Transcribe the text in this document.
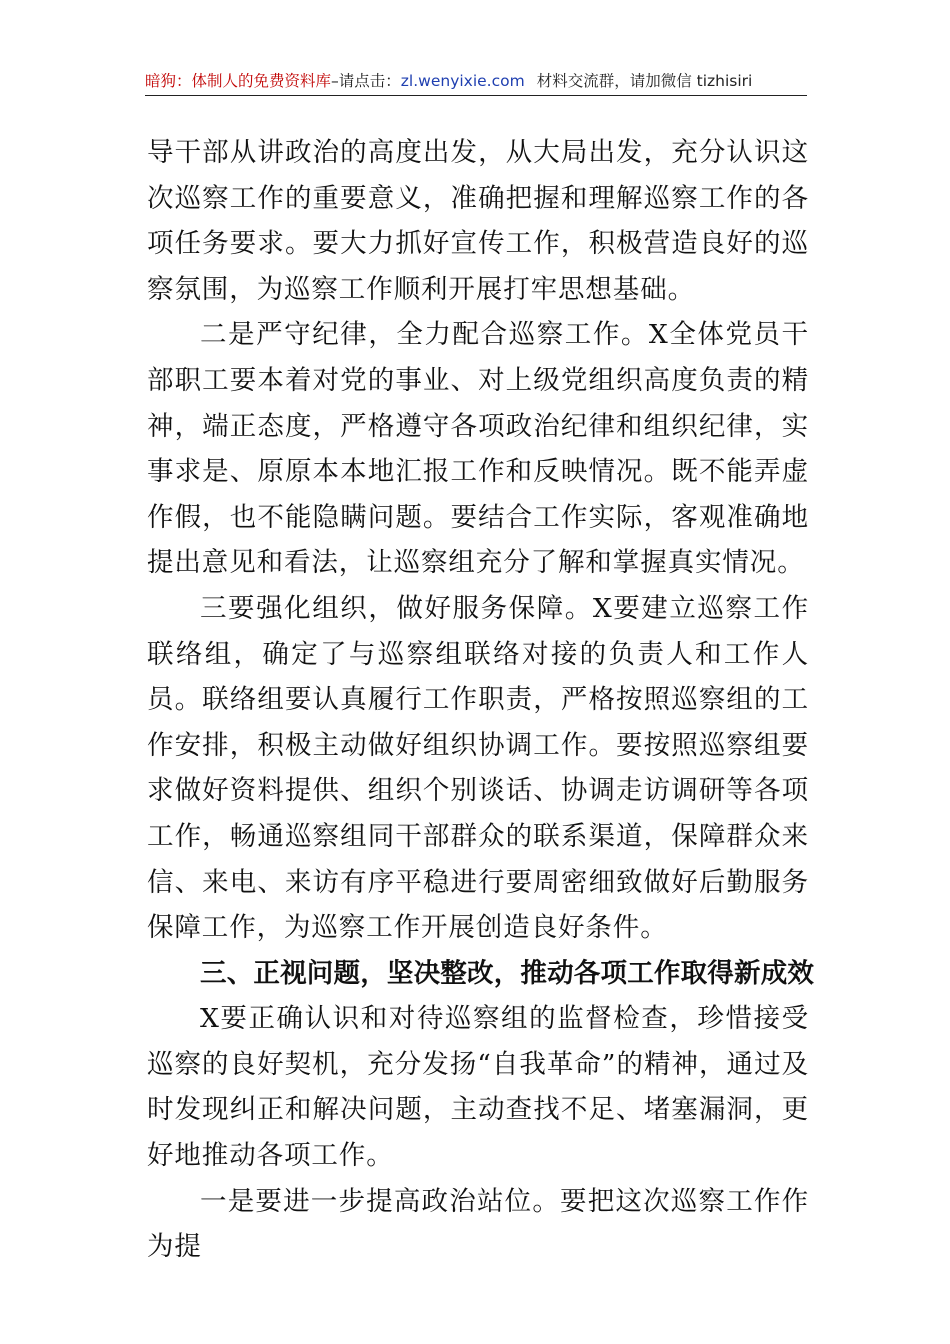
暗狗：体制人的免费资料库–请点击：zl.wenyixie.com 材料交流群，请加微信 tizhisiri

导干部从讲政治的高度出发，从大局出发，充分认识这次巡察工作的重要意义，准确把握和理解巡察工作的各项任务要求。要大力抓好宣传工作，积极营造良好的巡察氛围，为巡察工作顺利开展打牢思想基础。

二是严守纪律，全力配合巡察工作。X全体党员干部职工要本着对党的事业、对上级党组织高度负责的精神，端正态度，严格遵守各项政治纪律和组织纪律，实事求是、原原本本地汇报工作和反映情况。既不能弄虚作假，也不能隐瞒问题。要结合工作实际，客观准确地提出意见和看法，让巡察组充分了解和掌握真实情况。

三要强化组织，做好服务保障。X要建立巡察工作联络组，确定了与巡察组联络对接的负责人和工作人员。联络组要认真履行工作职责，严格按照巡察组的工作安排，积极主动做好组织协调工作。要按照巡察组要求做好资料提供、组织个别谈话、协调走访调研等各项工作，畅通巡察组同干部群众的联系渠道，保障群众来信、来电、来访有序平稳进行要周密细致做好后勤服务保障工作，为巡察工作开展创造良好条件。

三、正视问题，坚决整改，推动各项工作取得新成效

X要正确认识和对待巡察组的监督检查，珍惜接受巡察的良好契机，充分发扬“自我革命”的精神，通过及时发现纠正和解决问题，主动查找不足、堵塞漏洞，更好地推动各项工作。

一是要进一步提高政治站位。要把这次巡察工作作为提
